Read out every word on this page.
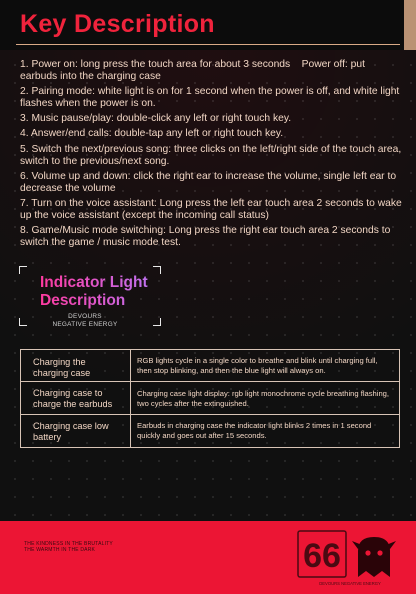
Key Description

1. Power on: long press the touch area for about 3 seconds    Power off: put earbuds into the charging case

2. Pairing mode: white light is on for 1 second when the power is off, and white light flashes when the power is on.

3. Music pause/play: double-click any left or right touch key.

4. Answer/end calls: double-tap any left or right touch key.

5. Switch the next/previous song: three clicks on the left/right side of the touch area, switch to the previous/next song.

6. Volume up and down: click the right ear to increase the volume, single left ear to decrease the volume

7. Turn on the voice assistant: Long press the left ear touch area 2 seconds to wake up the voice assistant (except the incoming call status)

8. Game/Music mode switching: Long press the right ear touch area 2 seconds to switch the game / music mode test.

Indicator Light Description
DEVOURS
NEGATIVE ENERGY
Charging the charging case
RGB lights cycle in a single color to breathe and blink until charging full, then stop blinking, and then the blue light will always on.
Charging case to charge the earbuds
Charging case light display: rgb light monochrome cycle breathing flashing, two cycles after the extinguished.
Charging case low battery
Earbuds in charging case the indicator light blinks 2 times in 1 second quickly and goes out after 15 seconds.
THE KINDNESS IN THE BRUTALITY
THE WARMTH IN THE DARK	66
DEVOURS NEGATIVE ENERGY
